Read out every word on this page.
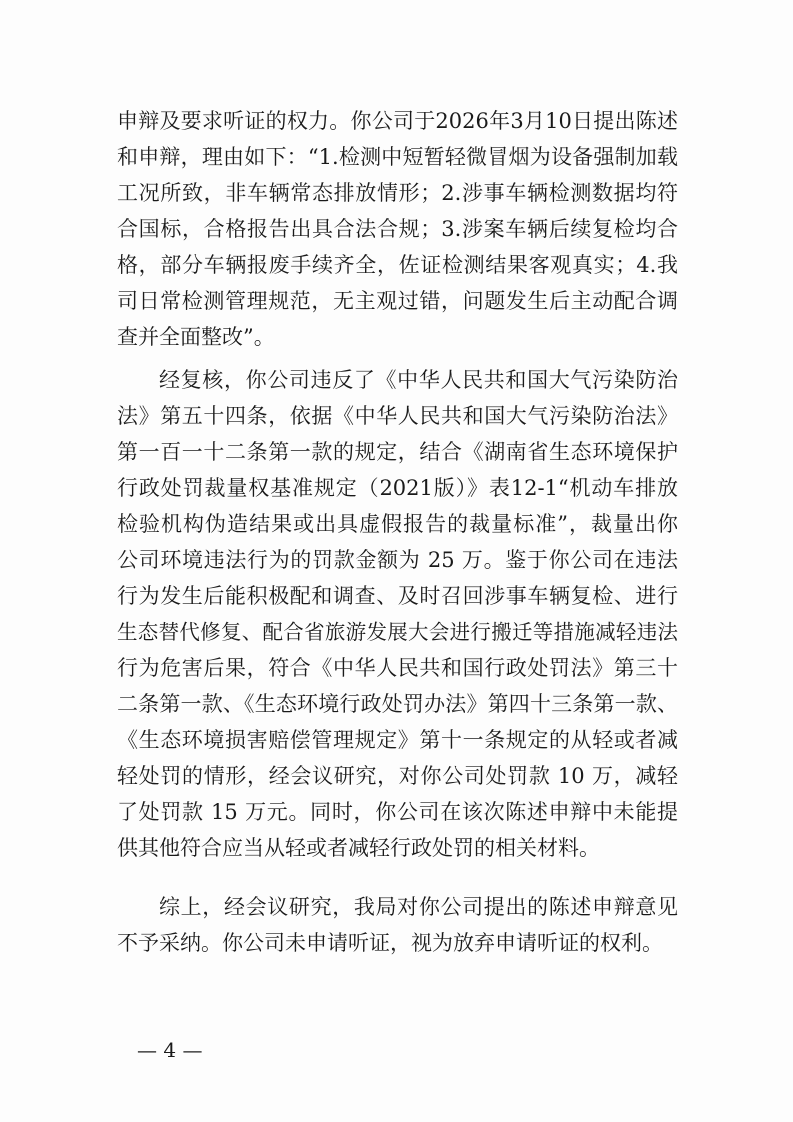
申辩及要求听证的权力。你公司于2026年3月10日提出陈述
和申辩，理由如下：“1.检测中短暂轻微冒烟为设备强制加载
工况所致，非车辆常态排放情形；2.涉事车辆检测数据均符
合国标，合格报告出具合法合规；3.涉案车辆后续复检均合
格，部分车辆报废手续齐全，佐证检测结果客观真实；4.我
司日常检测管理规范，无主观过错，问题发生后主动配合调
查并全面整改”。
经复核，你公司违反了《中华人民共和国大气污染防治
法》第五十四条，依据《中华人民共和国大气污染防治法》
第一百一十二条第一款的规定，结合《湖南省生态环境保护
行政处罚裁量权基准规定（2021版）》表12-1“机动车排放
检验机构伪造结果或出具虚假报告的裁量标准”，裁量出你
公司环境违法行为的罚款金额为 25 万。鉴于你公司在违法
行为发生后能积极配和调查、及时召回涉事车辆复检、进行
生态替代修复、配合省旅游发展大会进行搬迁等措施减轻违法
行为危害后果，符合《中华人民共和国行政处罚法》第三十
二条第一款、《生态环境行政处罚办法》第四十三条第一款、
《生态环境损害赔偿管理规定》第十一条规定的从轻或者减
轻处罚的情形，经会议研究，对你公司处罚款 10 万，减轻
了处罚款 15 万元。同时，你公司在该次陈述申辩中未能提
供其他符合应当从轻或者减轻行政处罚的相关材料。
综上，经会议研究，我局对你公司提出的陈述申辩意见
不予采纳。你公司未申请听证，视为放弃申请听证的权利。
— 4 —
